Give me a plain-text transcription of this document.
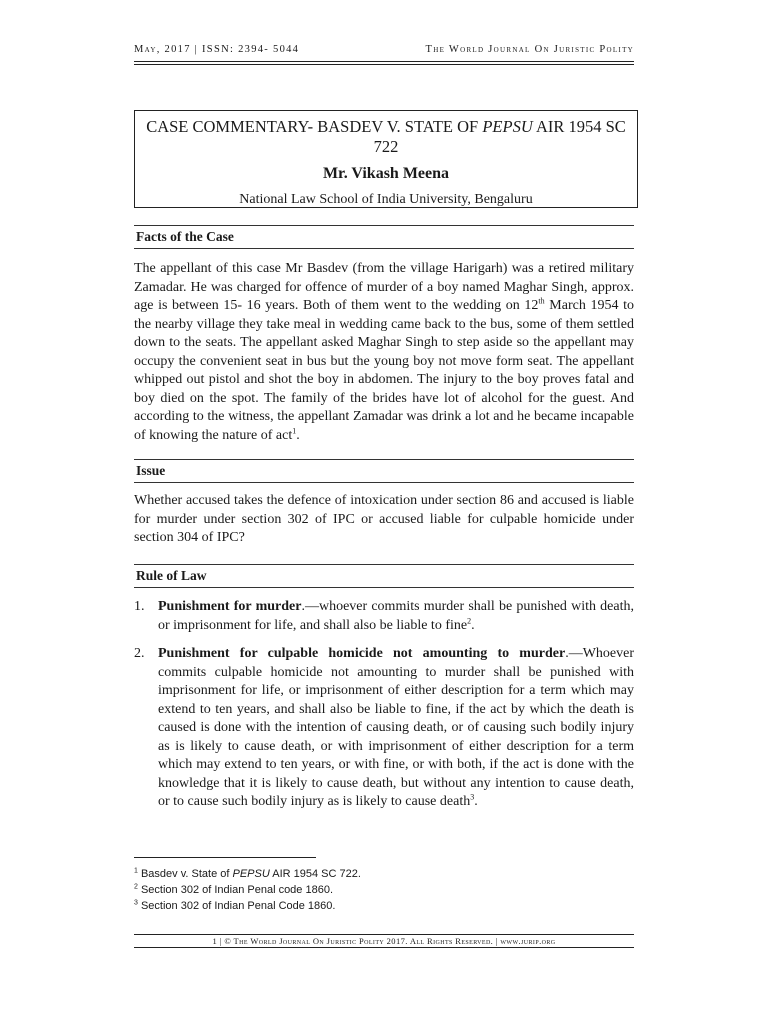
May, 2017 | ISSN: 2394- 5044	The World Journal On Juristic Polity
CASE COMMENTARY- BASDEV V. STATE OF PEPSU AIR 1954 SC 722
Mr. Vikash Meena
National Law School of India University, Bengaluru
Facts of the Case

The appellant of this case Mr Basdev (from the village Harigarh) was a retired military Zamadar. He was charged for offence of murder of a boy named Maghar Singh, approx. age is between 15- 16 years. Both of them went to the wedding on 12th March 1954 to the nearby village they take meal in wedding came back to the bus, some of them settled down to the seats. The appellant asked Maghar Singh to step aside so the appellant may occupy the convenient seat in bus but the young boy not move form seat. The appellant whipped out pistol and shot the boy in abdomen. The injury to the boy proves fatal and boy died on the spot. The family of the brides have lot of alcohol for the guest. And according to the witness, the appellant Zamadar was drink a lot and he became incapable of knowing the nature of act$^1$.

Issue

Whether accused takes the defence of intoxication under section 86 and accused is liable for murder under section 302 of IPC or accused liable for culpable homicide under section 304 of IPC?

Rule of Law
1. Punishment for murder.—whoever commits murder shall be punished with death, or imprisonment for life, and shall also be liable to fine$^2$.
2. Punishment for culpable homicide not amounting to murder.—Whoever commits culpable homicide not amounting to murder shall be punished with imprisonment for life, or imprisonment of either description for a term which may extend to ten years, and shall also be liable to fine, if the act by which the death is caused is done with the intention of causing death, or of causing such bodily injury as is likely to cause death, or with imprisonment of either description for a term which may extend to ten years, or with fine, or with both, if the act is done with the knowledge that it is likely to cause death, but without any intention to cause death, or to cause such bodily injury as is likely to cause death$^3$.
$^1$ Basdev v. State of PEPSU AIR 1954 SC 722.
$^2$ Section 302 of Indian Penal code 1860.
$^3$ Section 302 of Indian Penal Code 1860.
1 | © The World Journal On Juristic Polity 2017. All Rights Reserved. | www.jurip.org
